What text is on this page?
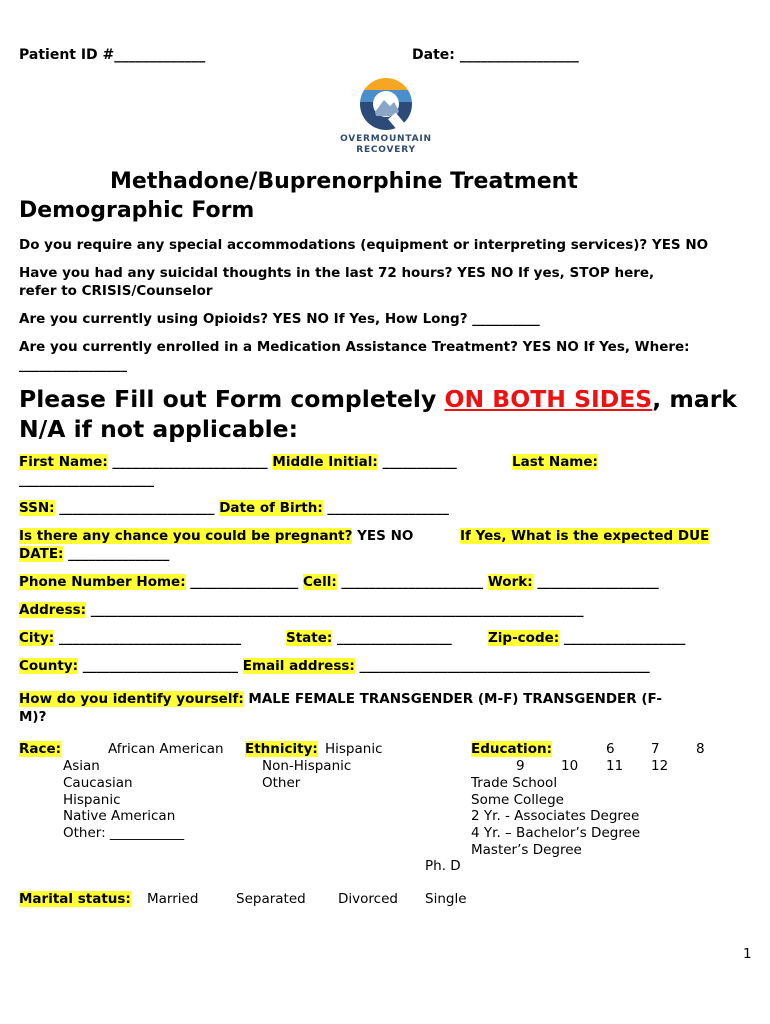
Patient ID #_____________	Date: _________________
OVERMOUNTAIN
RECOVERY
Methadone/Buprenorphine Treatment
Demographic Form
Do you require any special accommodations (equipment or interpreting services)? YES NO
Have you had any suicidal thoughts in the last 72 hours? YES NO If yes, STOP here,
refer to CRISIS/Counselor
Are you currently using Opioids? YES NO If Yes, How Long? __________
Are you currently enrolled in a Medication Assistance Treatment? YES NO If Yes, Where:
________________
Please Fill out Form completely ON BOTH SIDES, mark
N/A if not applicable:
First Name: _______________________ Middle Initial: ___________	Last Name:
____________________
SSN: _______________________ Date of Birth: __________________
Is there any chance you could be pregnant? YES NO	If Yes, What is the expected DUE
DATE: _______________
Phone Number Home: ________________ Cell: _____________________ Work: __________________
Address: _________________________________________________________________________
City: ___________________________	State: _________________	Zip-code: __________________
County: _______________________ Email address: ___________________________________________
How do you identify yourself: MALE FEMALE TRANSGENDER (M-F) TRANSGENDER (F-
M)?
Race:	African American
Asian
Caucasian
Hispanic
Native American
Other: ___________
Ethnicity: Hispanic
Non-Hispanic
Other
Education:	6	7	8
9	10 11 12
Trade School
Some College
2 Yr. - Associates Degree
4 Yr. – Bachelor’s Degree
Master’s Degree
Ph. D
Marital status: Married	Separated Divorced Single
1
